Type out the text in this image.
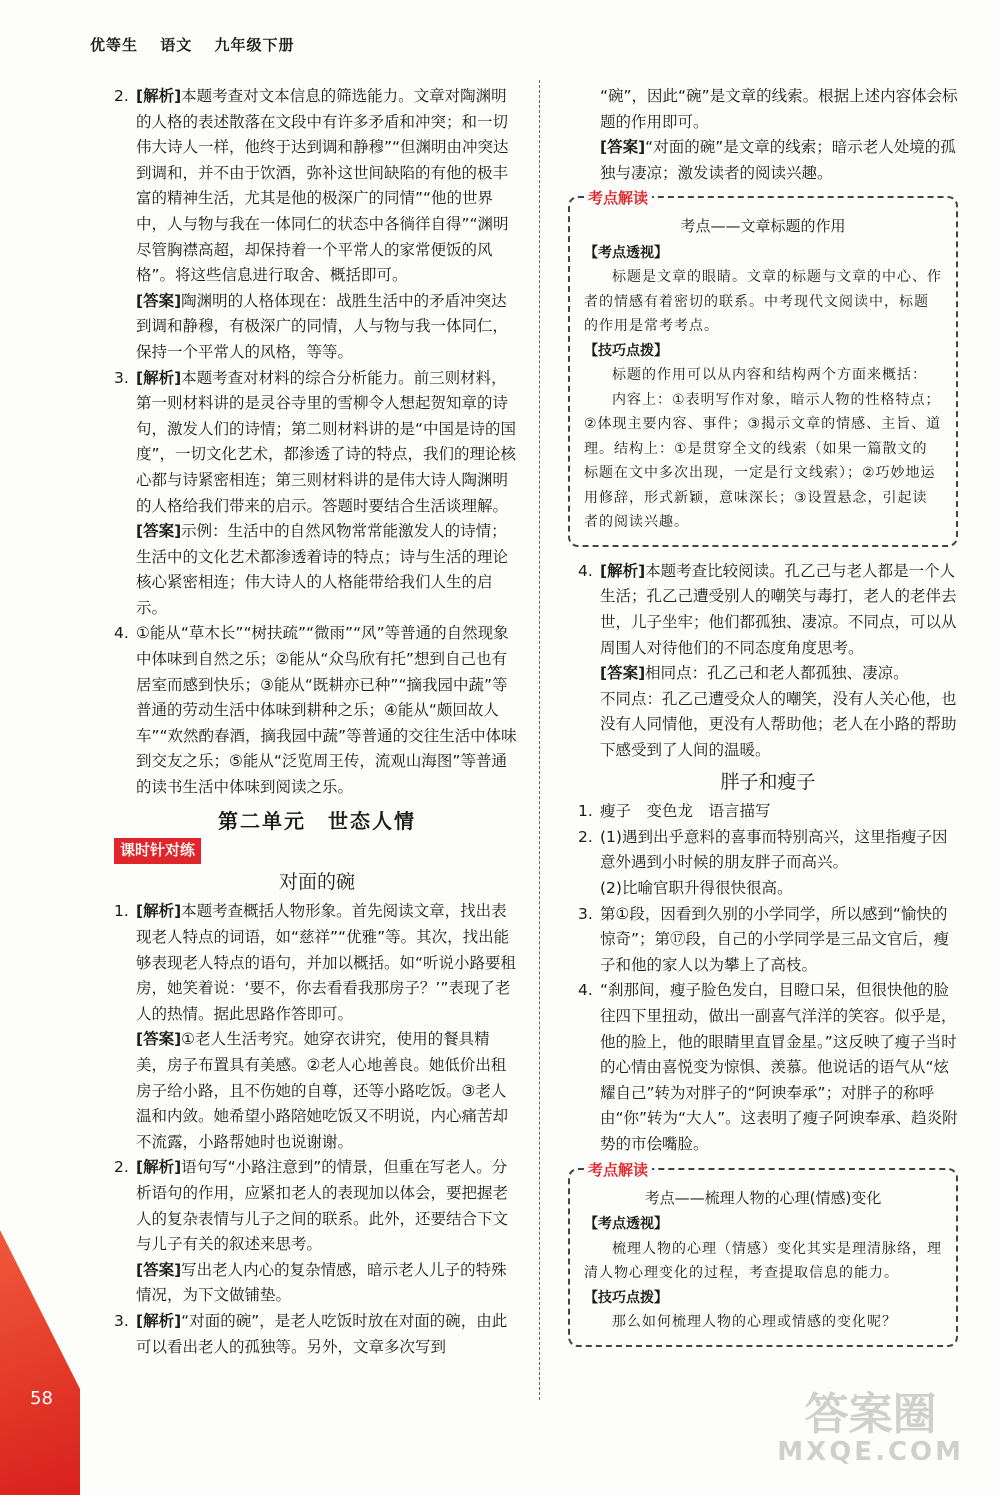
优等生 语文 九年级下册

2. [解析]本题考查对文本信息的筛选能力。文章对陶渊明的人格的表述散落在文段中有许多矛盾和冲突；和一切伟大诗人一样，他终于达到调和静穆”“但渊明由冲突达到调和，并不由于饮酒，弥补这世间缺陷的有他的极丰富的精神生活，尤其是他的极深广的同情”“他的世界中，人与物与我在一体同仁的状态中各徜徉自得”“渊明尽管胸襟高超，却保持着一个平常人的家常便饭的风格”。将这些信息进行取舍、概括即可。

[答案]陶渊明的人格体现在：战胜生活中的矛盾冲突达到调和静穆，有极深广的同情，人与物与我一体同仁，保持一个平常人的风格，等等。

3. [解析]本题考查对材料的综合分析能力。前三则材料，第一则材料讲的是灵谷寺里的雪柳令人想起贺知章的诗句，激发人们的诗情；第二则材料讲的是“中国是诗的国度”，一切文化艺术，都渗透了诗的特点，我们的理论核心都与诗紧密相连；第三则材料讲的是伟大诗人陶渊明的人格给我们带来的启示。答题时要结合生活谈理解。

[答案]示例：生活中的自然风物常常能激发人的诗情；生活中的文化艺术都渗透着诗的特点；诗与生活的理论核心紧密相连；伟大诗人的人格能带给我们人生的启示。

4. ①能从“草木长”“树扶疏”“微雨”“风”等普通的自然现象中体味到自然之乐；②能从“众鸟欣有托”想到自己也有居室而感到快乐；③能从“既耕亦已种”“摘我园中蔬”等普通的劳动生活中体味到耕种之乐；④能从“颇回故人车”“欢然酌春酒，摘我园中蔬”等普通的交往生活中体味到交友之乐；⑤能从“泛览周王传，流观山海图”等普通的读书生活中体味到阅读之乐。

第二单元　世态人情
课时针对练
对面的碗

1. [解析]本题考查概括人物形象。首先阅读文章，找出表现老人特点的词语，如“慈祥”“优雅”等。其次，找出能够表现老人特点的语句，并加以概括。如“听说小路要租房，她笑着说：‘要不，你去看看我那房子？’”表现了老人的热情。据此思路作答即可。

[答案]①老人生活考究。她穿衣讲究，使用的餐具精美，房子布置具有美感。②老人心地善良。她低价出租房子给小路，且不伤她的自尊，还等小路吃饭。③老人温和内敛。她希望小路陪她吃饭又不明说，内心痛苦却不流露，小路帮她时也说谢谢。

2. [解析]语句写“小路注意到”的情景，但重在写老人。分析语句的作用，应紧扣老人的表现加以体会，要把握老人的复杂表情与儿子之间的联系。此外，还要结合下文与儿子有关的叙述来思考。

[答案]写出老人内心的复杂情感，暗示老人儿子的特殊情况，为下文做铺垫。

3. [解析]“对面的碗”，是老人吃饭时放在对面的碗，由此可以看出老人的孤独等。另外，文章多次写到

“碗”，因此“碗”是文章的线索。根据上述内容体会标题的作用即可。

[答案]“对面的碗”是文章的线索；暗示老人处境的孤独与凄凉；激发读者的阅读兴趣。

考点解读
考点——文章标题的作用
【考点透视】
标题是文章的眼睛。文章的标题与文章的中心、作者的情感有着密切的联系。中考现代文阅读中，标题的作用是常考考点。
【技巧点拨】
标题的作用可以从内容和结构两个方面来概括：
内容上：①表明写作对象，暗示人物的性格特点；②体现主要内容、事件；③揭示文章的情感、主旨、道理。结构上：①是贯穿全文的线索（如果一篇散文的标题在文中多次出现，一定是行文线索）；②巧妙地运用修辞，形式新颖，意味深长；③设置悬念，引起读者的阅读兴趣。

4. [解析]本题考查比较阅读。孔乙己与老人都是一个人生活；孔乙己遭受别人的嘲笑与毒打，老人的老伴去世，儿子坐牢；他们都孤独、凄凉。不同点，可以从周围人对待他们的不同态度角度思考。

[答案]相同点：孔乙己和老人都孤独、凄凉。

不同点：孔乙己遭受众人的嘲笑，没有人关心他，也没有人同情他，更没有人帮助他；老人在小路的帮助下感受到了人间的温暖。

胖子和瘦子

1. 瘦子　变色龙　语言描写

2. (1)遇到出乎意料的喜事而特别高兴，这里指瘦子因意外遇到小时候的朋友胖子而高兴。

(2)比喻官职升得很快很高。

3. 第①段，因看到久别的小学同学，所以感到“愉快的惊奇”；第⑰段，自己的小学同学是三品文官后，瘦子和他的家人以为攀上了高枝。

4. “刹那间，瘦子脸色发白，目瞪口呆，但很快他的脸往四下里扭动，做出一副喜气洋洋的笑容。似乎是，他的脸上，他的眼睛里直冒金星。”这反映了瘦子当时的心情由喜悦变为惊惧、羡慕。他说话的语气从“炫耀自己”转为对胖子的“阿谀奉承”；对胖子的称呼由“你”转为“大人”。这表明了瘦子阿谀奉承、趋炎附势的市侩嘴脸。

考点解读
考点——梳理人物的心理(情感)变化
【考点透视】
梳理人物的心理（情感）变化其实是理清脉络，理清人物心理变化的过程，考查提取信息的能力。
【技巧点拨】
那么如何梳理人物的心理或情感的变化呢？
58	答案圈
MXQE.COM
